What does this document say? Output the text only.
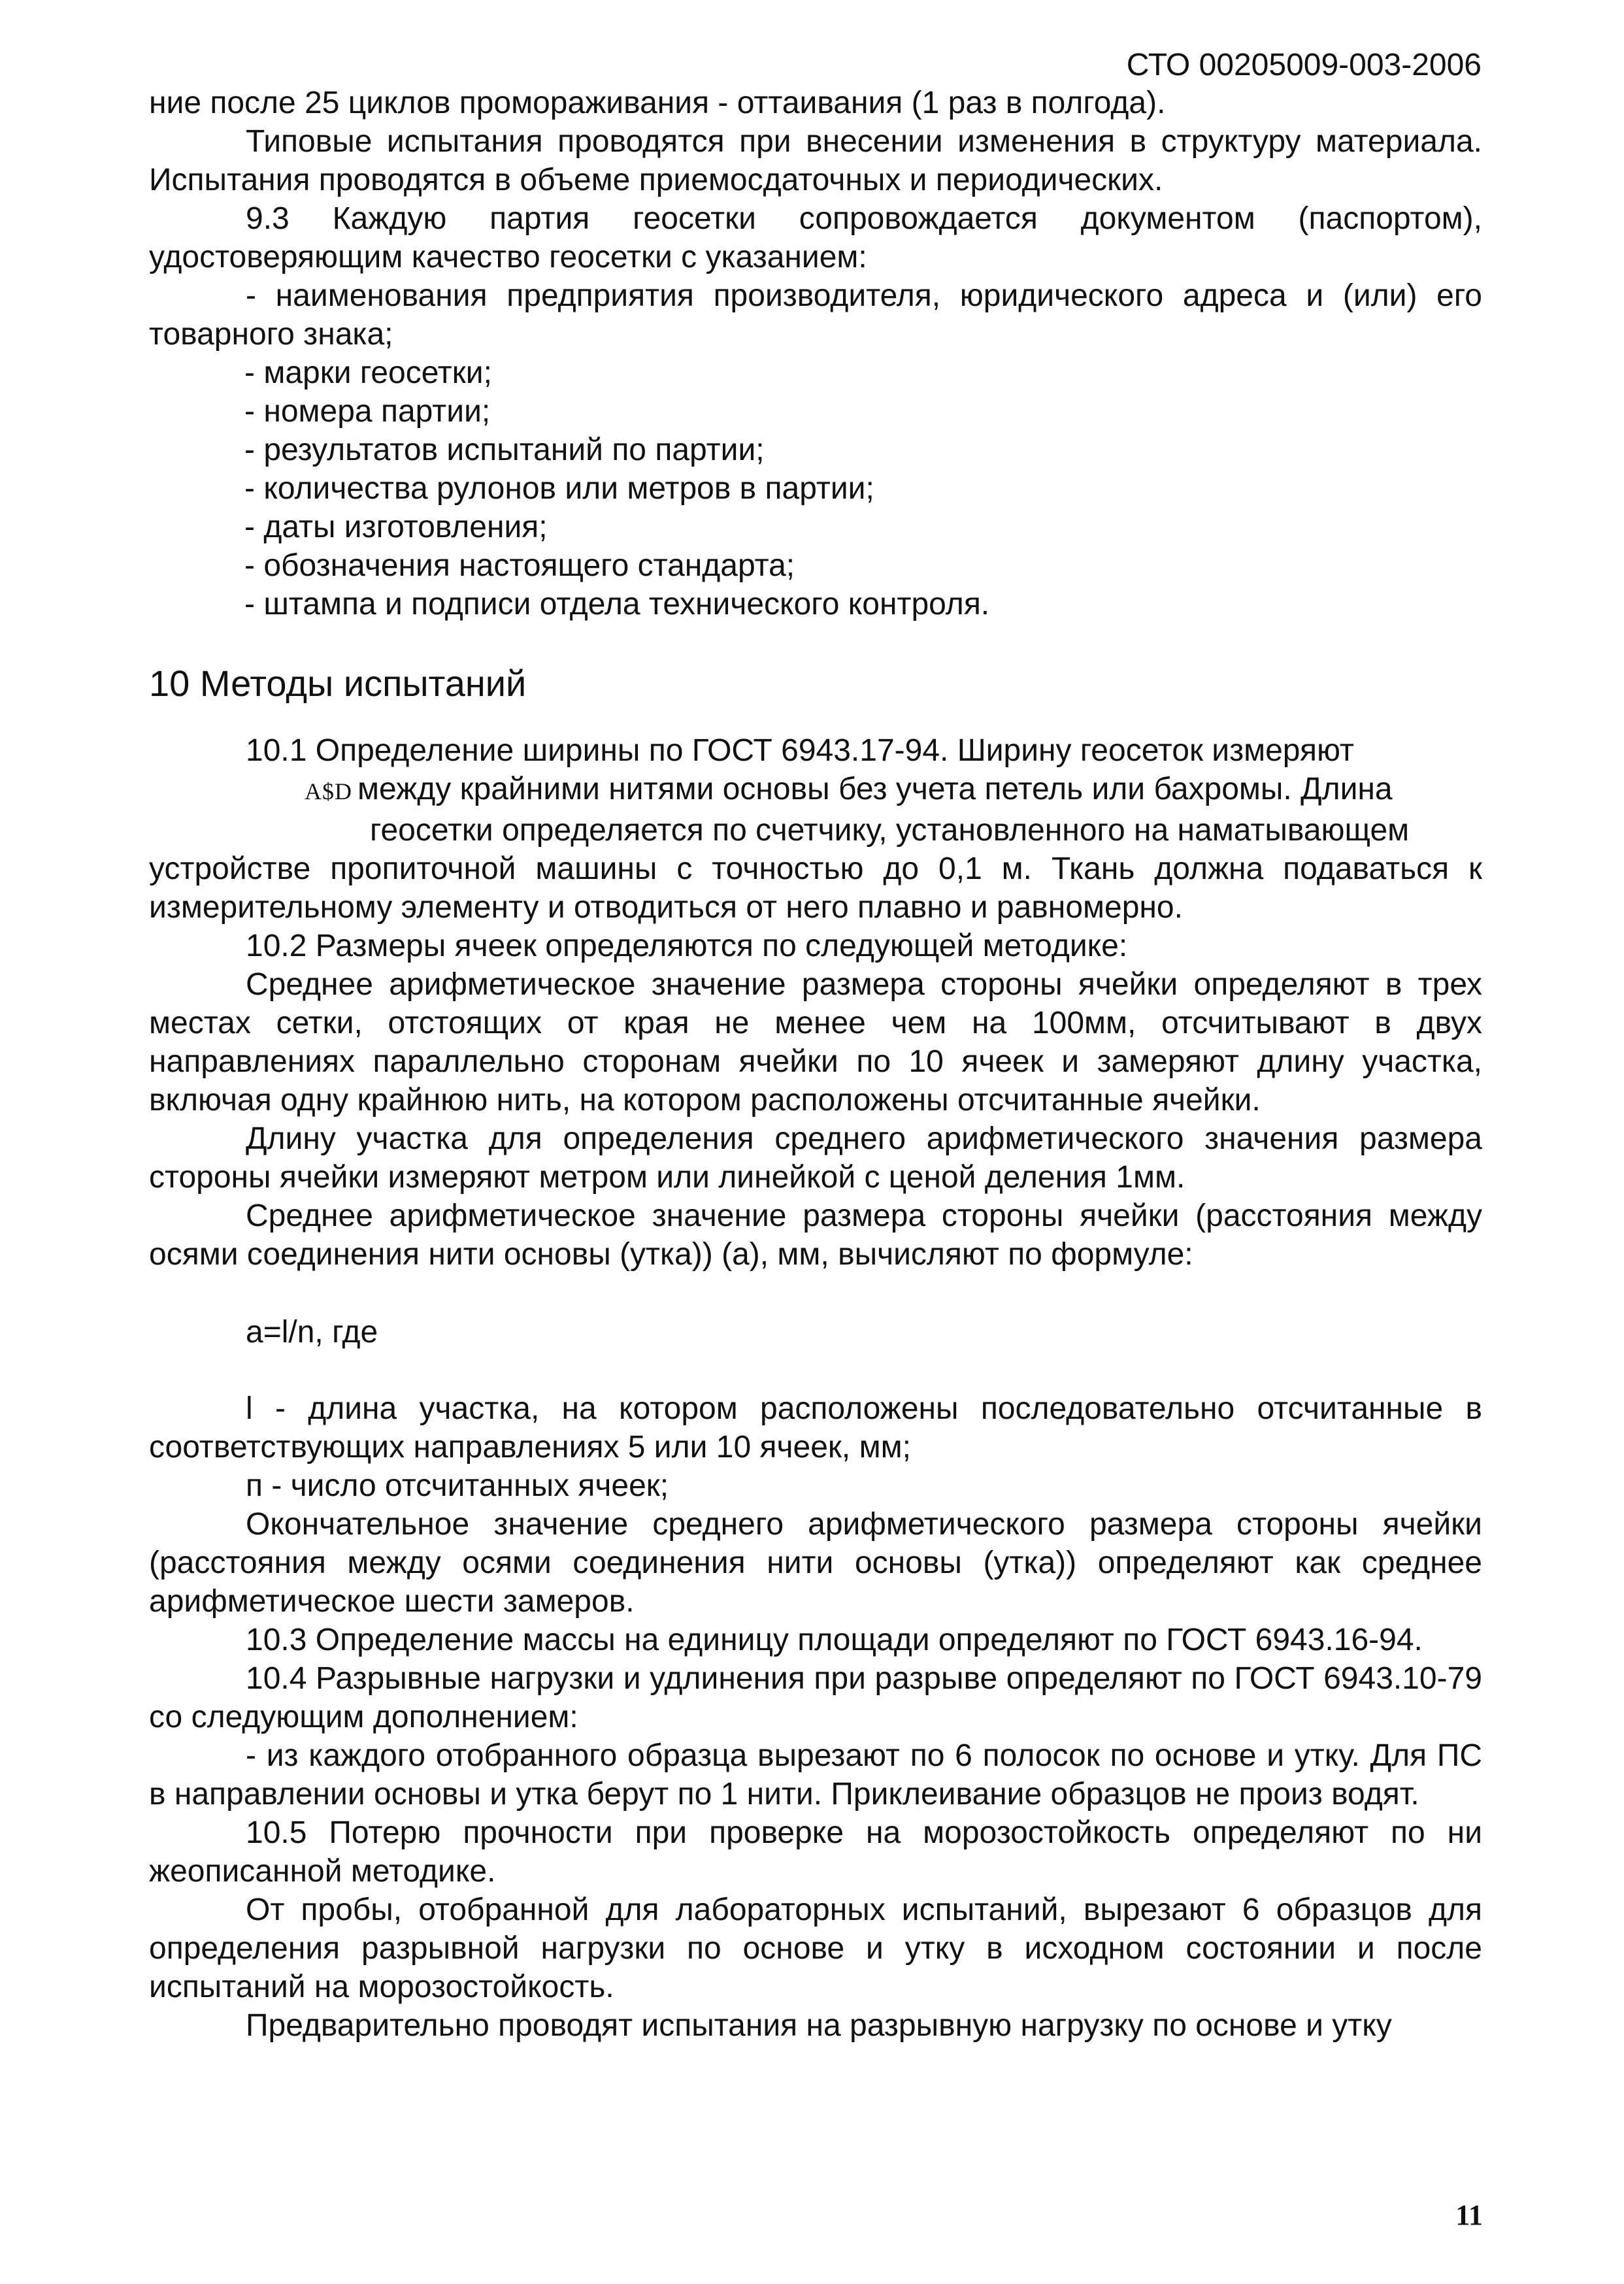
СТО 00205009-003-2006

ние после 25 циклов промораживания - оттаивания (1 раз в полгода).

Типовые испытания проводятся при внесении изменения в структуру материала. Испытания проводятся в объеме приемосдаточных и периодических.

9.3 Каждую партия геосетки сопровождается документом (паспортом), удостоверяющим качество геосетки с указанием:

- наименования предприятия производителя, юридического адреса и (или) его товарного знака;

- марки геосетки;

- номера партии;

- результатов испытаний по партии;

- количества рулонов или метров в партии;

- даты изготовления;

- обозначения настоящего стандарта;

- штампа и подписи отдела технического контроля.

10 Методы испытаний

10.1 Определение ширины по ГОСТ 6943.17-94. Ширину геосеток измеряют

A$D между крайними нитями основы без учета петель или бахромы. Длина

геосетки определяется по счетчику, установленного на наматывающем

устройстве пропиточной машины с точностью до 0,1 м. Ткань должна подаваться к измерительному элементу и отводиться от него плавно и равномерно.

10.2 Размеры ячеек определяются по следующей методике:

Среднее арифметическое значение размера стороны ячейки определяют в трех местах сетки, отстоящих от края не менее чем на 100мм, отсчитывают в двух направлениях параллельно сторонам ячейки по 10 ячеек и замеряют длину участка, включая одну крайнюю нить, на котором расположены отсчитанные ячейки.

Длину участка для определения среднего арифметического значения размера стороны ячейки измеряют метром или линейкой с ценой деления 1мм.

Среднее арифметическое значение размера стороны ячейки (расстояния между осями соединения нити основы (утка)) (а), мм, вычисляют по формуле:

a=l/n, где

l - длина участка, на котором расположены последовательно отсчитанные в соответствующих направлениях 5 или 10 ячеек, мм;

п - число отсчитанных ячеек;

Окончательное значение среднего арифметического размера стороны ячейки (расстояния между осями соединения нити основы (утка)) определяют как среднее арифметическое шести замеров.

10.3 Определение массы на единицу площади определяют по ГОСТ 6943.16-94.

10.4 Разрывные нагрузки и удлинения при разрыве определяют по ГОСТ 6943.10-79 со следующим дополнением:

- из каждого отобранного образца вырезают по 6 полосок по основе и утку. Для ПС в направлении основы и утка берут по 1 нити. Приклеивание образцов не произ водят.

10.5 Потерю прочности при проверке на морозостойкость определяют по ни жеописанной методике.

От пробы, отобранной для лабораторных испытаний, вырезают 6 образцов для определения разрывной нагрузки по основе и утку в исходном состоянии и после испытаний на морозостойкость.

Предварительно проводят испытания на разрывную нагрузку по основе и утку

11
